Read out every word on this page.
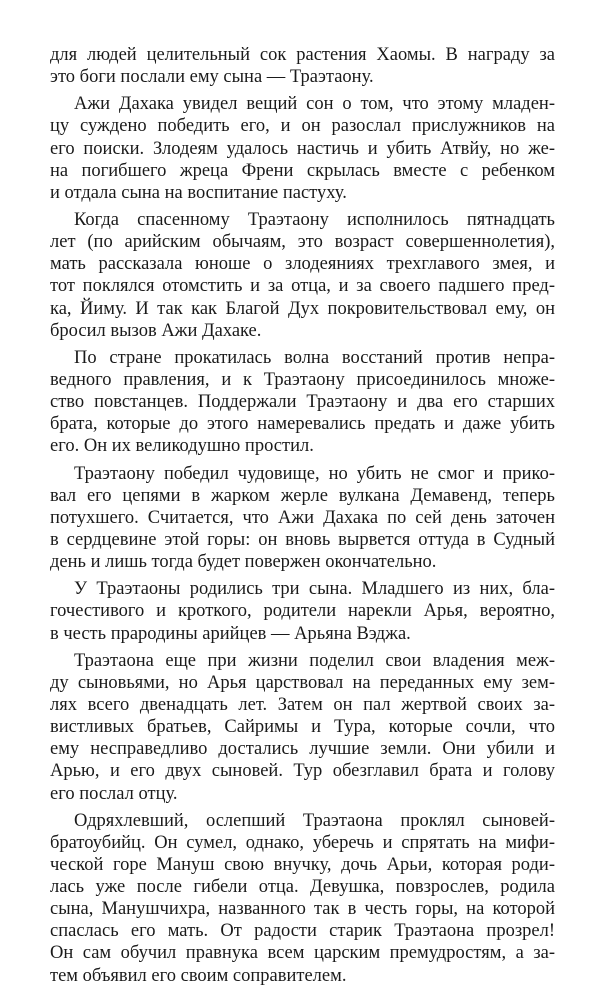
для людей целительный сок растения Хаомы. В награду за
это боги послали ему сына — Траэтаону.
Ажи Дахака увидел вещий сон о том, что этому младен-
цу суждено победить его, и он разослал прислужников на
его поиски. Злодеям удалось настичь и убить Атвйу, но же-
на погибшего жреца Френи скрылась вместе с ребенком
и отдала сына на воспитание пастуху.
Когда спасенному Траэтаону исполнилось пятнадцать
лет (по арийским обычаям, это возраст совершеннолетия),
мать рассказала юноше о злодеяниях трехглавого змея, и
тот поклялся отомстить и за отца, и за своего падшего пред-
ка, Йиму. И так как Благой Дух покровительствовал ему, он
бросил вызов Ажи Дахаке.
По стране прокатилась волна восстаний против непра-
ведного правления, и к Траэтаону присоединилось множе-
ство повстанцев. Поддержали Траэтаону и два его старших
брата, которые до этого намеревались предать и даже убить
его. Он их великодушно простил.
Траэтаону победил чудовище, но убить не смог и прико-
вал его цепями в жарком жерле вулкана Демавенд, теперь
потухшего. Считается, что Ажи Дахака по сей день заточен
в сердцевине этой горы: он вновь вырвется оттуда в Судный
день и лишь тогда будет повержен окончательно.
У Траэтаоны родились три сына. Младшего из них, бла-
гочестивого и кроткого, родители нарекли Арья, вероятно,
в честь прародины арийцев — Арьяна Вэджа.
Траэтаона еще при жизни поделил свои владения меж-
ду сыновьями, но Арья царствовал на переданных ему зем-
лях всего двенадцать лет. Затем он пал жертвой своих за-
вистливых братьев, Сайримы и Тура, которые сочли, что
ему несправедливо достались лучшие земли. Они убили и
Арью, и его двух сыновей. Тур обезглавил брата и голову
его послал отцу.
Одряхлевший, ослепший Траэтаона проклял сыновей-
братоубийц. Он сумел, однако, уберечь и спрятать на мифи-
ческой горе Мануш свою внучку, дочь Арьи, которая роди-
лась уже после гибели отца. Девушка, повзрослев, родила
сына, Манушчихра, названного так в честь горы, на которой
спаслась его мать. От радости старик Траэтаона прозрел!
Он сам обучил правнука всем царским премудростям, а за-
тем объявил его своим соправителем.
